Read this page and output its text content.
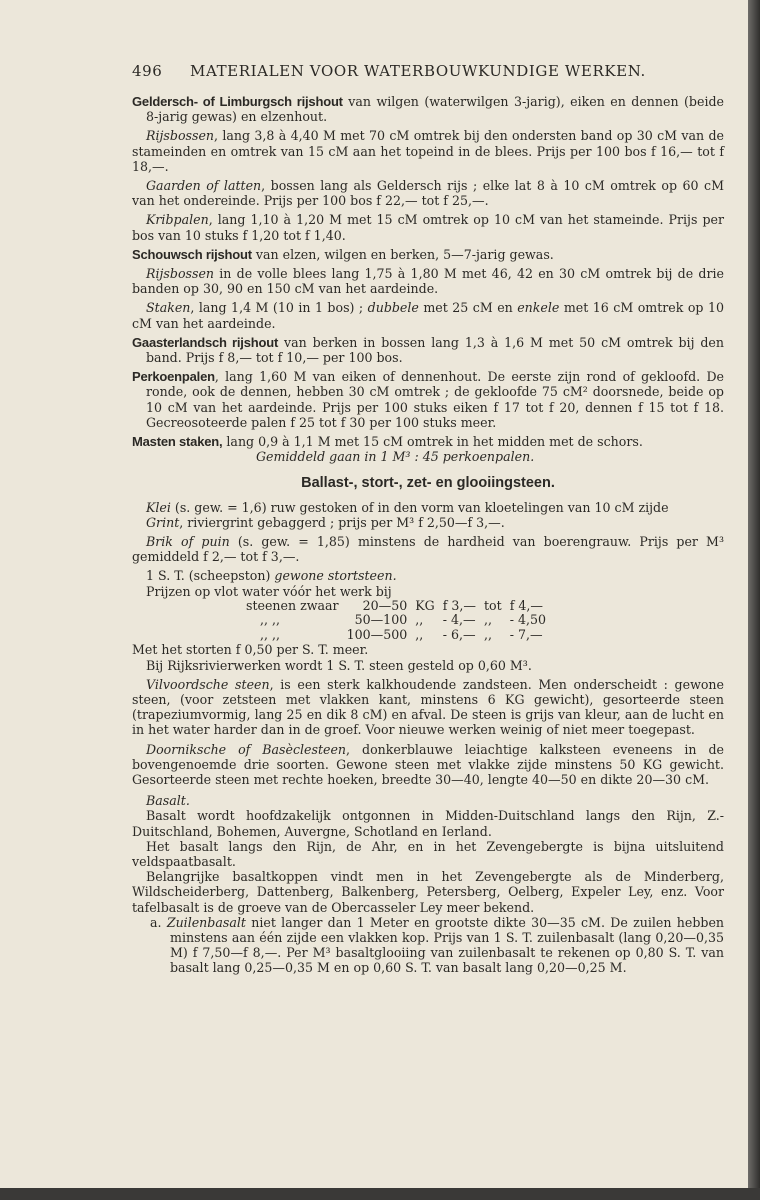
496 MATERIALEN VOOR WATERBOUWKUNDIGE WERKEN.

Geldersch- of Limburgsch rijshout van wilgen (waterwilgen 3-jarig), eiken en dennen (beide 8-jarig gewas) en elzenhout.

Rijsbossen, lang 3,8 à 4,40 M met 70 cM omtrek bij den ondersten band op 30 cM van de stameinden en omtrek van 15 cM aan het topeind in de blees. Prijs per 100 bos f 16,— tot f 18,—.

Gaarden of latten, bossen lang als Geldersch rijs ; elke lat 8 à 10 cM omtrek op 60 cM van het ondereinde. Prijs per 100 bos f 22,— tot f 25,—.

Kribpalen, lang 1,10 à 1,20 M met 15 cM omtrek op 10 cM van het stameinde. Prijs per bos van 10 stuks f 1,20 tot f 1,40.

Schouwsch rijshout van elzen, wilgen en berken, 5—7-jarig gewas.

Rijsbossen in de volle blees lang 1,75 à 1,80 M met 46, 42 en 30 cM omtrek bij de drie banden op 30, 90 en 150 cM van het aardeinde.

Staken, lang 1,4 M (10 in 1 bos) ; dubbele met 25 cM en enkele met 16 cM omtrek op 10 cM van het aardeinde.

Gaasterlandsch rijshout van berken in bossen lang 1,3 à 1,6 M met 50 cM omtrek bij den band. Prijs f 8,— tot f 10,— per 100 bos.

Perkoenpalen, lang 1,60 M van eiken of dennenhout. De eerste zijn rond of gekloofd. De ronde, ook de dennen, hebben 30 cM omtrek ; de gekloofde 75 cM² doorsnede, beide op 10 cM van het aardeinde. Prijs per 100 stuks eiken f 17 tot f 20, dennen f 15 tot f 18. Gecreosoteerde palen f 25 tot f 30 per 100 stuks meer.

Masten staken, lang 0,9 à 1,1 M met 15 cM omtrek in het midden met de schors.

Gemiddeld gaan in 1 M³ : 45 perkoenpalen.

Ballast-, stort-, zet- en glooiingsteen.

Klei (s. gew. = 1,6) ruw gestoken of in den vorm van kloetelingen van 10 cM zijde

Grint, riviergrint gebaggerd ; prijs per M³ f 2,50—f 3,—.

Brik of puin (s. gew. = 1,85) minstens de hardheid van boerengrauw. Prijs per M³ gemiddeld f 2,— tot f 3,—.

1 S. T. (scheepston) gewone stortsteen.

Prijzen op vlot water vóór het werk bij

steenen zwaar	20—50	KG	f 3,—	tot	f 4,—
,, ,,	50—100	,,	- 4,—	,,	- 4,50
,, ,,	100—500	,,	- 6,—	,,	- 7,—

Met het storten f 0,50 per S. T. meer.

Bij Rijksrivierwerken wordt 1 S. T. steen gesteld op 0,60 M³.

Vilvoordsche steen, is een sterk kalkhoudende zandsteen. Men onderscheidt : gewone steen, (voor zetsteen met vlakken kant, minstens 6 KG gewicht), gesorteerde steen (trapeziumvormig, lang 25 en dik 8 cM) en afval. De steen is grijs van kleur, aan de lucht en in het water harder dan in de groef. Voor nieuwe werken weinig of niet meer toegepast.

Doorniksche of Basèclesteen, donkerblauwe leiachtige kalksteen eveneens in de bovengenoemde drie soorten. Gewone steen met vlakke zijde minstens 50 KG gewicht. Gesorteerde steen met rechte hoeken, breedte 30—40, lengte 40—50 en dikte 20—30 cM.

Basalt.

Basalt wordt hoofdzakelijk ontgonnen in Midden-Duitschland langs den Rijn, Z.-Duitschland, Bohemen, Auvergne, Schotland en Ierland.

Het basalt langs den Rijn, de Ahr, en in het Zevengebergte is bijna uitsluitend veldspaatbasalt.

Belangrijke basaltkoppen vindt men in het Zevengebergte als de Minderberg, Wildscheiderberg, Dattenberg, Balkenberg, Petersberg, Oelberg, Expeler Ley, enz. Voor tafelbasalt is de groeve van de Obercasseler Ley meer bekend.

a. Zuilenbasalt niet langer dan 1 Meter en grootste dikte 30—35 cM. De zuilen hebben minstens aan één zijde een vlakken kop. Prijs van 1 S. T. zuilenbasalt (lang 0,20—0,35 M) f 7,50—f 8,—. Per M³ basaltglooiing van zuilenbasalt te rekenen op 0,80 S. T. van basalt lang 0,25—0,35 M en op 0,60 S. T. van basalt lang 0,20—0,25 M.
